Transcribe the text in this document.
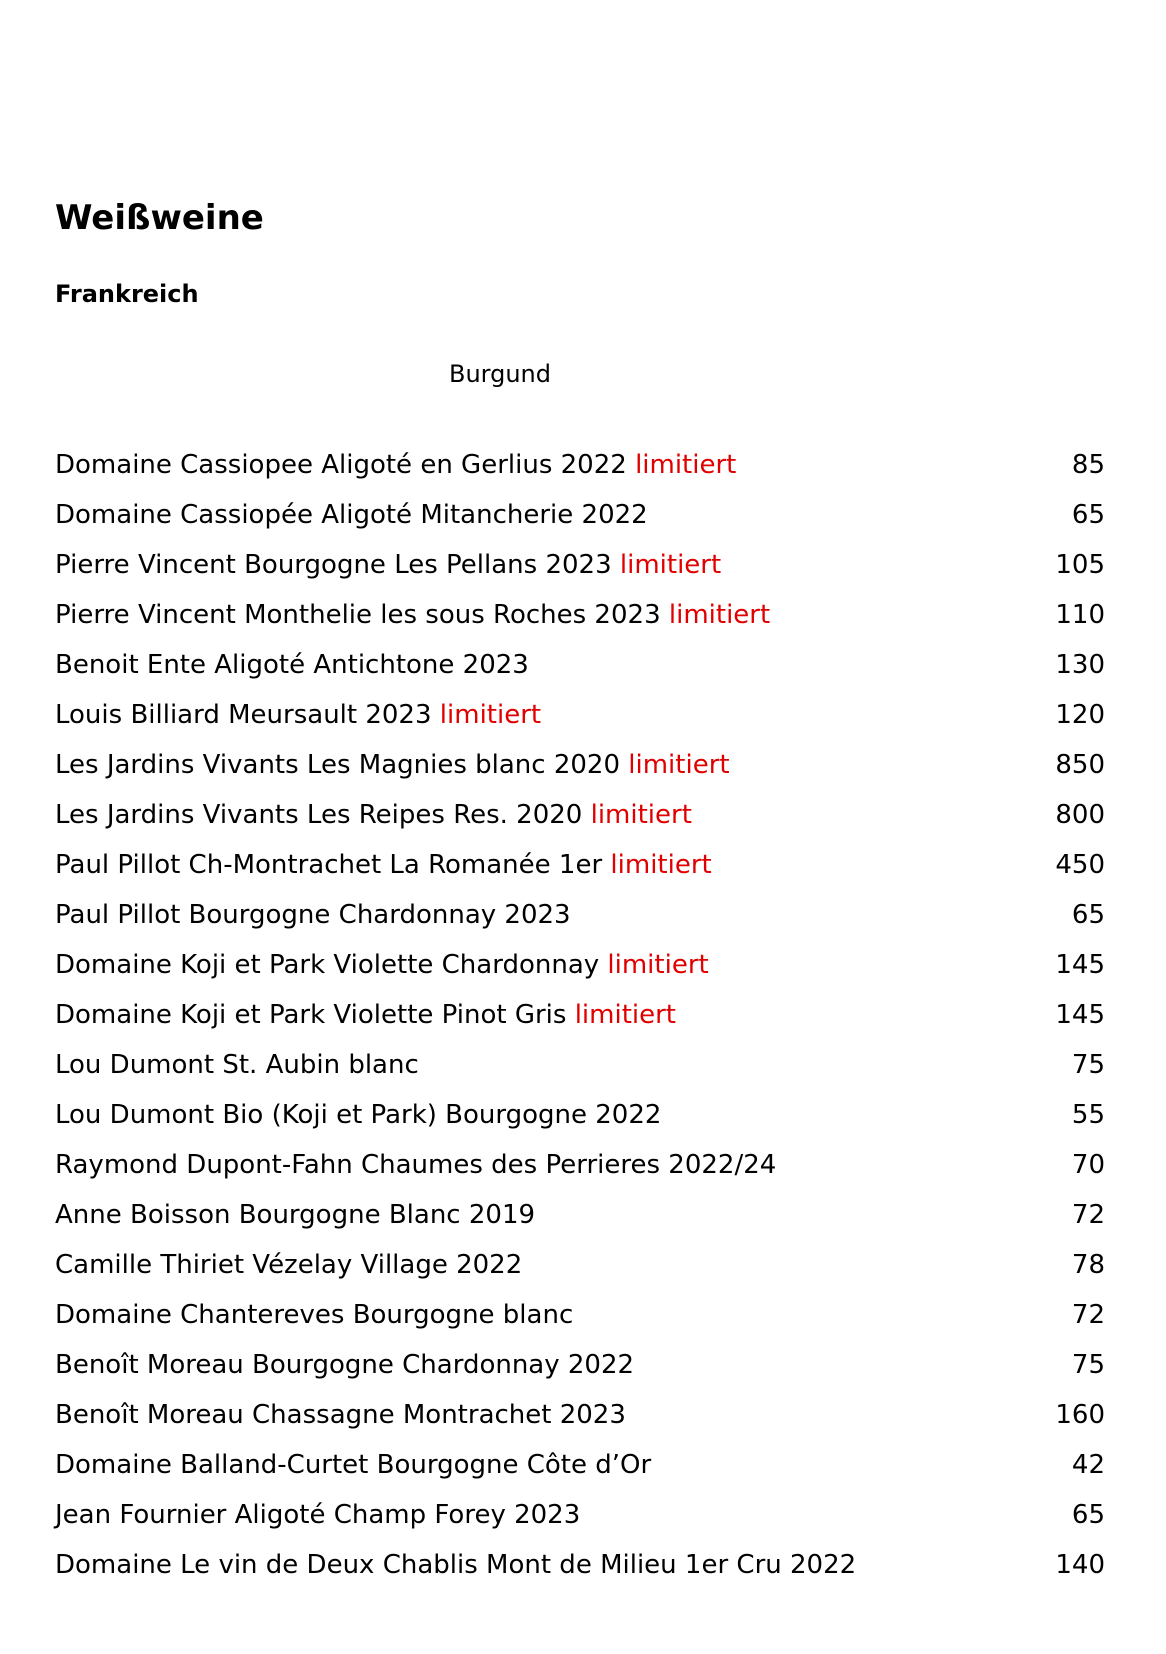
Weißweine
Frankreich
Burgund
Domaine Cassiopee Aligoté en Gerlius 2022 limitiert	85
Domaine Cassiopée Aligoté Mitancherie 2022	65
Pierre Vincent Bourgogne Les Pellans 2023 limitiert	105
Pierre Vincent Monthelie les sous Roches 2023 limitiert	110
Benoit Ente Aligoté Antichtone 2023	130
Louis Billiard Meursault 2023 limitiert	120
Les Jardins Vivants Les Magnies blanc 2020 limitiert	850
Les Jardins Vivants Les Reipes Res. 2020 limitiert	800
Paul Pillot Ch-Montrachet La Romanée 1er limitiert	450
Paul Pillot Bourgogne Chardonnay 2023	65
Domaine Koji et Park Violette Chardonnay limitiert	145
Domaine Koji et Park Violette Pinot Gris limitiert	145
Lou Dumont St. Aubin blanc	75
Lou Dumont Bio (Koji et Park) Bourgogne 2022	55
Raymond Dupont-Fahn Chaumes des Perrieres 2022/24	70
Anne Boisson Bourgogne Blanc 2019	72
Camille Thiriet Vézelay Village 2022	78
Domaine Chantereves Bourgogne blanc	72
Benoît Moreau Bourgogne Chardonnay 2022	75
Benoît Moreau Chassagne Montrachet 2023	160
Domaine Balland-Curtet Bourgogne Côte d’Or	42
Jean Fournier Aligoté Champ Forey 2023	65
Domaine Le vin de Deux Chablis Mont de Milieu 1er Cru 2022	140
